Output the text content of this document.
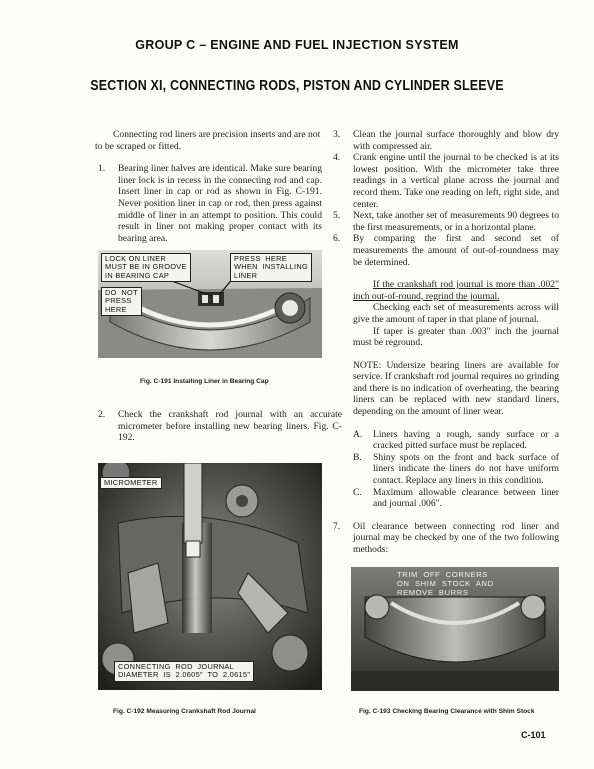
GROUP C – ENGINE AND FUEL INJECTION SYSTEM
SECTION XI, CONNECTING RODS, PISTON AND CYLINDER SLEEVE

Connecting rod liners are precision inserts and are not to be scraped or fitted.

1. Bearing liner halves are identical. Make sure bearing liner lock is in recess in the connecting rod and cap. Insert liner in cap or rod as shown in Fig. C-191. Never position liner in cap or rod, then press against middle of liner in an attempt to position. This could result in liner not making proper contact with its bearing area.

LOCK ON LINER
MUST BE IN GROOVE
IN BEARING CAP
PRESS  HERE
WHEN  INSTALLING
LINER
DO  NOT
PRESS
HERE
Fig. C-191 Installing Liner in Bearing Cap
2. Check the crankshaft rod journal with an accurate micrometer before installing new bearing liners. Fig. C-192.

MICROMETER
CONNECTING  ROD  JOURNAL
DIAMETER  IS  2.0605"  TO  2.0615"
Fig. C-192 Measuring Crankshaft Rod Journal
3. Clean the journal surface thoroughly and blow dry with compressed air.

4. Crank engine until the journal to be checked is at its lowest position. With the micrometer take three readings in a vertical plane across the journal and record them. Take one reading on left, right side, and center.

5. Next, take another set of measurements 90 degrees to the first measurements, or in a horizontal plane.

6. By comparing the first and second set of measurements the amount of out-of-roundness may be determined.

If the crankshaft rod journal is more than .002" inch out-of-round, regrind the journal.

Checking each set of measurements across will give the amount of taper in that plane of journal.

If taper is greater than .003" inch the journal must be reground.

NOTE: Undersize bearing liners are available for service. If crankshaft rod journal requires no grinding and there is no indication of overheating, the bearing liners can be replaced with new standard liners, depending on the amount of liner wear.

A. Liners having a rough, sandy surface or a cracked pitted surface must be replaced.

B. Shiny spots on the front and back surface of liners indicate the liners do not have uniform contact. Replace any liners in this condition.

C. Maximum allowable clearance between liner and journal .006".

7. Oil clearance between connecting rod liner and journal may be checked by one of the two following methods:

TRIM  OFF  CORNERS
ON  SHIM  STOCK  AND
REMOVE  BURRS
Fig. C-193 Checking Bearing Clearance with Shim Stock
C-101
